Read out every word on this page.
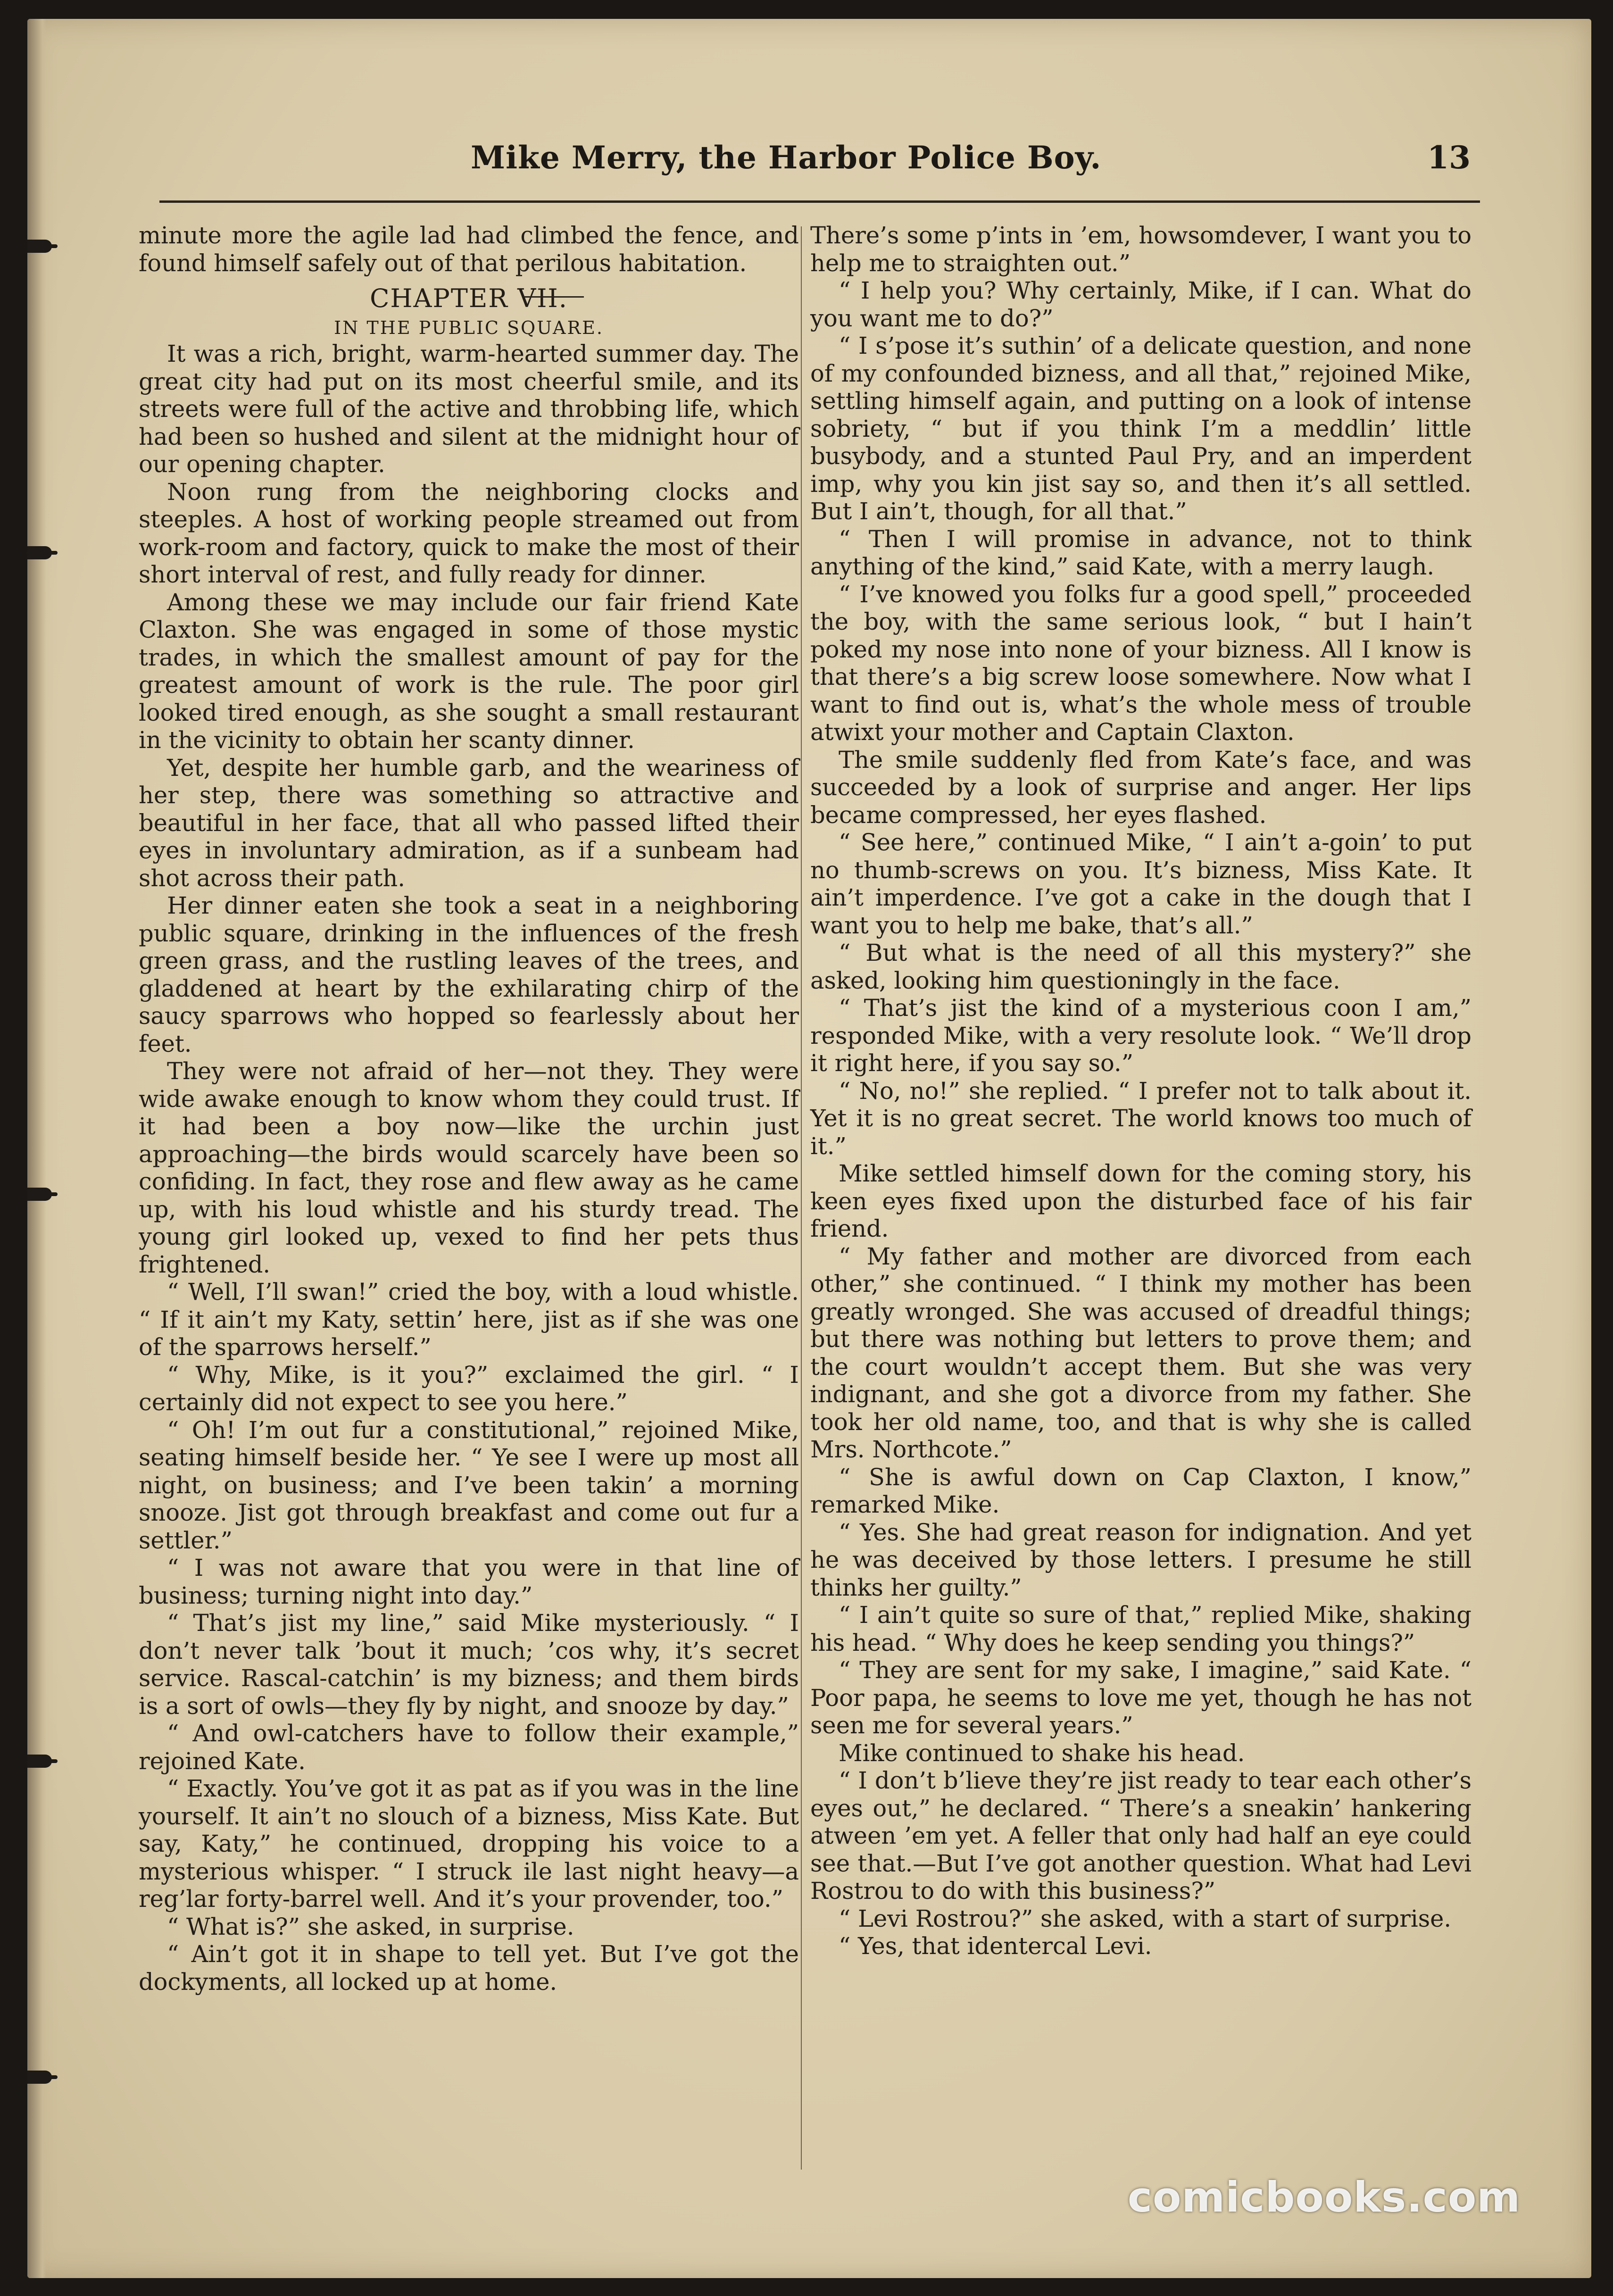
Mike Merry, the Harbor Police Boy.	13

minute more the agile lad had climbed the fence, and found himself safely out of that perilous habitation.

CHAPTER VII.
IN THE PUBLIC SQUARE.

It was a rich, bright, warm-hearted summer day. The great city had put on its most cheerful smile, and its streets were full of the active and throbbing life, which had been so hushed and silent at the midnight hour of our opening chapter.

Noon rung from the neighboring clocks and steeples. A host of working people streamed out from work-room and factory, quick to make the most of their short interval of rest, and fully ready for dinner.

Among these we may include our fair friend Kate Claxton. She was engaged in some of those mystic trades, in which the smallest amount of pay for the greatest amount of work is the rule. The poor girl looked tired enough, as she sought a small restaurant in the vicinity to obtain her scanty dinner.

Yet, despite her humble garb, and the weariness of her step, there was something so attractive and beautiful in her face, that all who passed lifted their eyes in involuntary admiration, as if a sunbeam had shot across their path.

Her dinner eaten she took a seat in a neighboring public square, drinking in the influences of the fresh green grass, and the rustling leaves of the trees, and gladdened at heart by the exhilarating chirp of the saucy sparrows who hopped so fearlessly about her feet.

They were not afraid of her—not they. They were wide awake enough to know whom they could trust. If it had been a boy now—like the urchin just approaching—the birds would scarcely have been so confiding. In fact, they rose and flew away as he came up, with his loud whistle and his sturdy tread. The young girl looked up, vexed to find her pets thus frightened.

“ Well, I’ll swan!” cried the boy, with a loud whistle. “ If it ain’t my Katy, settin’ here, jist as if she was one of the sparrows herself.”

“ Why, Mike, is it you?” exclaimed the girl. “ I certainly did not expect to see you here.”

“ Oh! I’m out fur a constitutional,” rejoined Mike, seating himself beside her. “ Ye see I were up most all night, on business; and I’ve been takin’ a morning snooze. Jist got through breakfast and come out fur a settler.”

“ I was not aware that you were in that line of business; turning night into day.”

“ That’s jist my line,” said Mike mysteriously. “ I don’t never talk ’bout it much; ’cos why, it’s secret service. Rascal-catchin’ is my bizness; and them birds is a sort of owls—they fly by night, and snooze by day.”

“ And owl-catchers have to follow their example,” rejoined Kate.

“ Exactly. You’ve got it as pat as if you was in the line yourself. It ain’t no slouch of a bizness, Miss Kate. But say, Katy,” he continued, dropping his voice to a mysterious whisper. “ I struck ile last night heavy—a reg’lar forty-barrel well. And it’s your provender, too.”

“ What is?” she asked, in surprise.

“ Ain’t got it in shape to tell yet. But I’ve got the dockyments, all locked up at home.

There’s some p’ints in ’em, howsomdever, I want you to help me to straighten out.”

“ I help you? Why certainly, Mike, if I can. What do you want me to do?”

“ I s’pose it’s suthin’ of a delicate question, and none of my confounded bizness, and all that,” rejoined Mike, settling himself again, and putting on a look of intense sobriety, “ but if you think I’m a meddlin’ little busybody, and a stunted Paul Pry, and an imperdent imp, why you kin jist say so, and then it’s all settled. But I ain’t, though, for all that.”

“ Then I will promise in advance, not to think anything of the kind,” said Kate, with a merry laugh.

“ I’ve knowed you folks fur a good spell,” proceeded the boy, with the same serious look, “ but I hain’t poked my nose into none of your bizness. All I know is that there’s a big screw loose somewhere. Now what I want to find out is, what’s the whole mess of trouble atwixt your mother and Captain Claxton.

The smile suddenly fled from Kate’s face, and was succeeded by a look of surprise and anger. Her lips became compressed, her eyes flashed.

“ See here,” continued Mike, “ I ain’t a-goin’ to put no thumb-screws on you. It’s bizness, Miss Kate. It ain’t imperdence. I’ve got a cake in the dough that I want you to help me bake, that’s all.”

“ But what is the need of all this mystery?” she asked, looking him questioningly in the face.

“ That’s jist the kind of a mysterious coon I am,” responded Mike, with a very resolute look. “ We’ll drop it right here, if you say so.”

“ No, no!” she replied. “ I prefer not to talk about it. Yet it is no great secret. The world knows too much of it.”

Mike settled himself down for the coming story, his keen eyes fixed upon the disturbed face of his fair friend.

“ My father and mother are divorced from each other,” she continued. “ I think my mother has been greatly wronged. She was accused of dreadful things; but there was nothing but letters to prove them; and the court wouldn’t accept them. But she was very indignant, and she got a divorce from my father. She took her old name, too, and that is why she is called Mrs. Northcote.”

“ She is awful down on Cap Claxton, I know,” remarked Mike.

“ Yes. She had great reason for indignation. And yet he was deceived by those letters. I presume he still thinks her guilty.”

“ I ain’t quite so sure of that,” replied Mike, shaking his head. “ Why does he keep sending you things?”

“ They are sent for my sake, I imagine,” said Kate. “ Poor papa, he seems to love me yet, though he has not seen me for several years.”

Mike continued to shake his head.

“ I don’t b’lieve they’re jist ready to tear each other’s eyes out,” he declared. “ There’s a sneakin’ hankering atween ’em yet. A feller that only had half an eye could see that.—But I’ve got another question. What had Levi Rostrou to do with this business?”

“ Levi Rostrou?” she asked, with a start of surprise.

“ Yes, that identercal Levi.

comicbooks.com
